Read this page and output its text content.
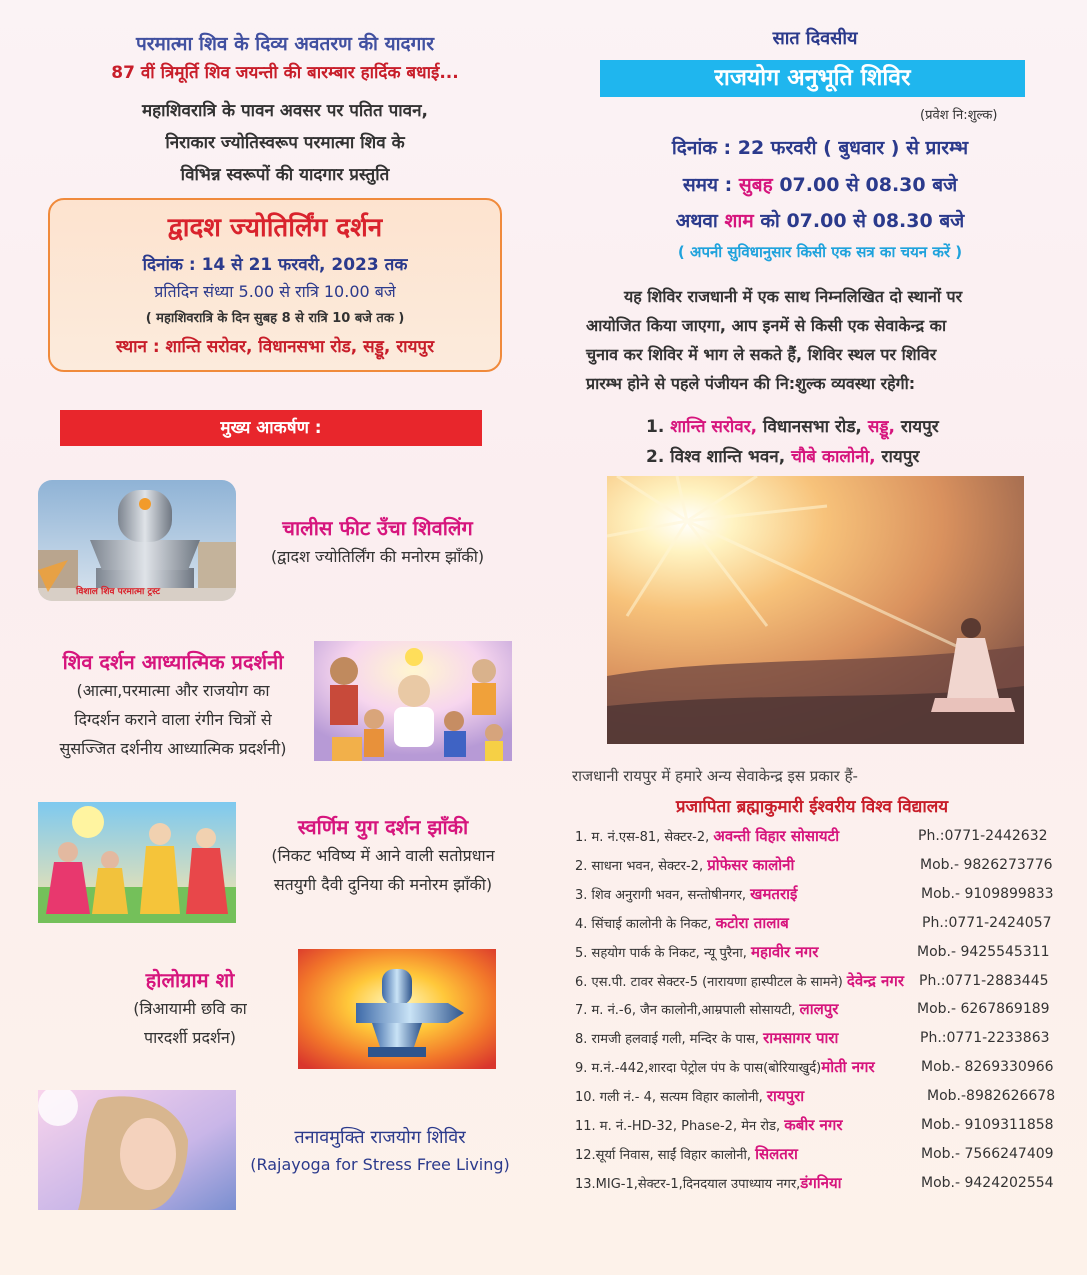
परमात्मा शिव के दिव्य अवतरण की यादगार
87 वीं त्रिमूर्ति शिव जयन्ती की बारम्बार हार्दिक बधाई...
महाशिवरात्रि के पावन अवसर पर पतित पावन,
निराकार ज्योतिस्वरूप परमात्मा शिव के
विभिन्न स्वरूपों की यादगार प्रस्तुति
द्वादश ज्योतिर्लिंग दर्शन
दिनांक : 14 से 21 फरवरी, 2023 तक
प्रतिदिन संध्या 5.00 से रात्रि 10.00 बजे
( महाशिवरात्रि के दिन सुबह 8 से रात्रि 10 बजे तक )
स्थान : शान्ति सरोवर, विधानसभा रोड, सड्डू, रायपुर
मुख्य आकर्षण :
विशाल शिव परमात्मा ट्रस्ट
चालीस फीट उँचा शिवलिंग
(द्वादश ज्योतिर्लिंग की मनोरम झाँकी)
शिव दर्शन आध्यात्मिक प्रदर्शनी
(आत्मा,परमात्मा और राजयोग का
दिग्दर्शन कराने वाला रंगीन चित्रों से
सुसज्जित दर्शनीय आध्यात्मिक प्रदर्शनी)
स्वर्णिम युग दर्शन झाँकी
(निकट भविष्य में आने वाली सतोप्रधान
सतयुगी दैवी दुनिया की मनोरम झाँकी)
होलोग्राम शो
(त्रिआयामी छवि का
पारदर्शी प्रदर्शन)
तनावमुक्ति राजयोग शिविर
(Rajayoga for Stress Free Living)
सात दिवसीय
राजयोग अनुभूति शिविर
(प्रवेश नि:शुल्क)
दिनांक : 22 फरवरी ( बुधवार ) से प्रारम्भ
समय : सुबह 07.00 से 08.30 बजे
अथवा शाम को 07.00 से 08.30 बजे
( अपनी सुविधानुसार किसी एक सत्र का चयन करें )
यह शिविर राजधानी में एक साथ निम्नलिखित दो स्थानों पर
आयोजित किया जाएगा, आप इनमें से किसी एक सेवाकेन्द्र का
चुनाव कर शिविर में भाग ले सकते हैं, शिविर स्थल पर शिविर
प्रारम्भ होने से पहले पंजीयन की नि:शुल्क व्यवस्था रहेगी:
1. शान्ति सरोवर, विधानसभा रोड, सड्डू, रायपुर
2. विश्व शान्ति भवन, चौबे कालोनी, रायपुर
राजधानी रायपुर में हमारे अन्य सेवाकेन्द्र इस प्रकार हैं-
प्रजापिता ब्रह्माकुमारी ईश्वरीय विश्व विद्यालय
1. म. नं.एस-81, सेक्टर-2, अवन्ती विहार सोसायटी	Ph.:0771-2442632
2. साधना भवन, सेक्टर-2, प्रोफेसर कालोनी	Mob.- 9826273776
3. शिव अनुरागी भवन, सन्तोषीनगर, खमतराई	Mob.- 9109899833
4. सिंचाई कालोनी के निकट, कटोरा तालाब	Ph.:0771-2424057
5. सहयोग पार्क के निकट, न्यू पुरैना, महावीर नगर	Mob.- 9425545311
6. एस.पी. टावर सेक्टर-5 (नारायणा हास्पीटल के सामने) देवेन्द्र नगर Ph.:0771-2883445
7. म. नं.-6, जैन कालोनी,आम्रपाली सोसायटी, लालपुर	Mob.- 6267869189
8. रामजी हलवाई गली, मन्दिर के पास, रामसागर पारा	Ph.:0771-2233863
9. म.नं.-442,शारदा पेट्रोल पंप के पास(बोरियाखुर्द)मोती नगर	Mob.- 8269330966
10. गली नं.- 4, सत्यम विहार कालोनी, रायपुरा	Mob.-8982626678
11. म. नं.-HD-32, Phase-2, मेन रोड, कबीर नगर	Mob.- 9109311858
12.सूर्या निवास, साईं विहार कालोनी, सिलतरा	Mob.- 7566247409
13.MIG-1,सेक्टर-1,दिनदयाल उपाध्याय नगर,डंगनिया	Mob.- 9424202554
